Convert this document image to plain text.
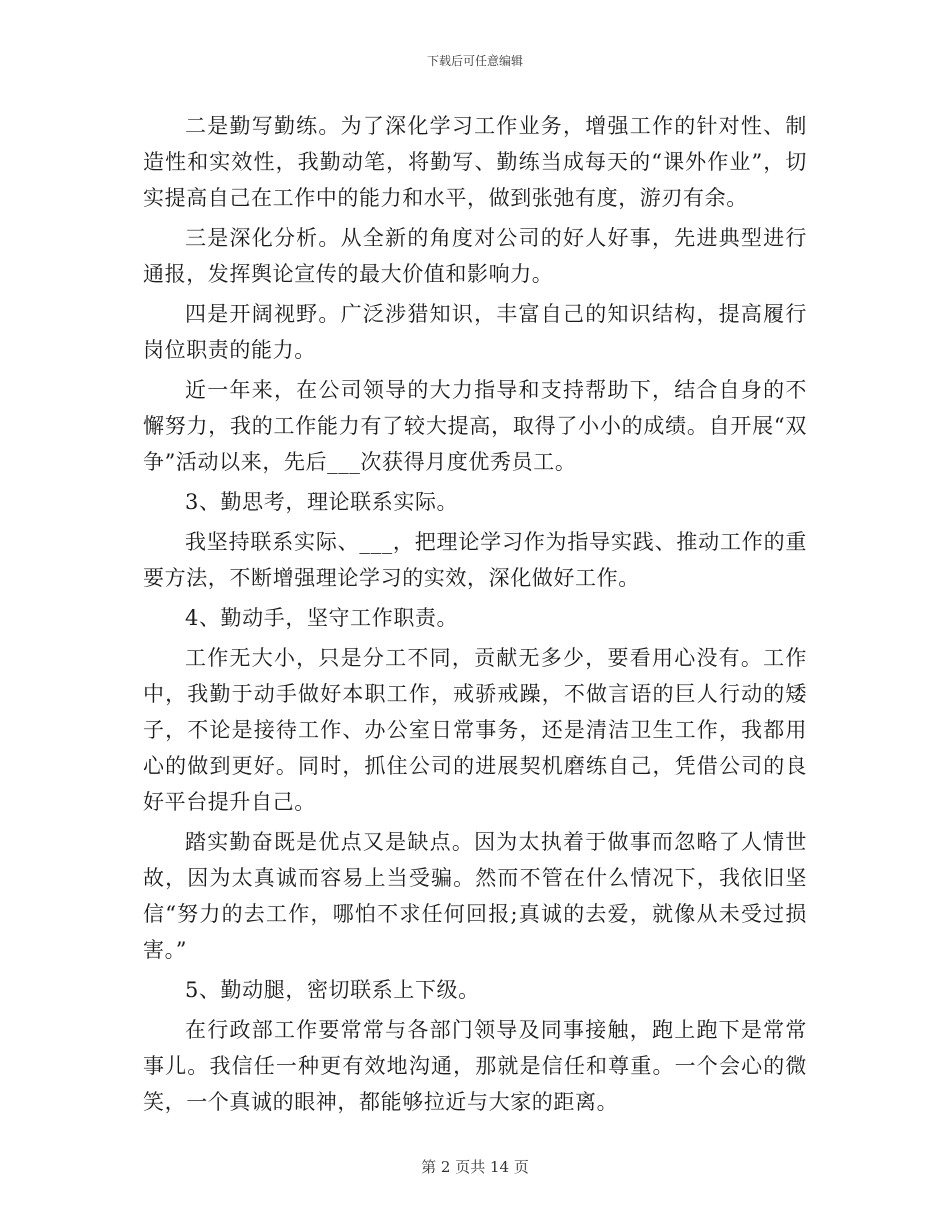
下载后可任意编辑

二是勤写勤练。为了深化学习工作业务，增强工作的针对性、制造性和实效性，我勤动笔，将勤写、勤练当成每天的“课外作业”，切实提高自己在工作中的能力和水平，做到张弛有度，游刃有余。

三是深化分析。从全新的角度对公司的好人好事，先进典型进行通报，发挥舆论宣传的最大价值和影响力。

四是开阔视野。广泛涉猎知识，丰富自己的知识结构，提高履行岗位职责的能力。

近一年来，在公司领导的大力指导和支持帮助下，结合自身的不懈努力，我的工作能力有了较大提高，取得了小小的成绩。自开展“双争”活动以来，先后___次获得月度优秀员工。

3、勤思考，理论联系实际。

我坚持联系实际、___，把理论学习作为指导实践、推动工作的重要方法，不断增强理论学习的实效，深化做好工作。

4、勤动手，坚守工作职责。

工作无大小，只是分工不同，贡献无多少，要看用心没有。工作中，我勤于动手做好本职工作，戒骄戒躁，不做言语的巨人行动的矮子，不论是接待工作、办公室日常事务，还是清洁卫生工作，我都用心的做到更好。同时，抓住公司的进展契机磨练自己，凭借公司的良好平台提升自己。

踏实勤奋既是优点又是缺点。因为太执着于做事而忽略了人情世故，因为太真诚而容易上当受骗。然而不管在什么情况下，我依旧坚信“努力的去工作，哪怕不求任何回报;真诚的去爱，就像从未受过损害。”

5、勤动腿，密切联系上下级。

在行政部工作要常常与各部门领导及同事接触，跑上跑下是常常事儿。我信任一种更有效地沟通，那就是信任和尊重。一个会心的微笑，一个真诚的眼神，都能够拉近与大家的距离。

第 2 页共 14 页
